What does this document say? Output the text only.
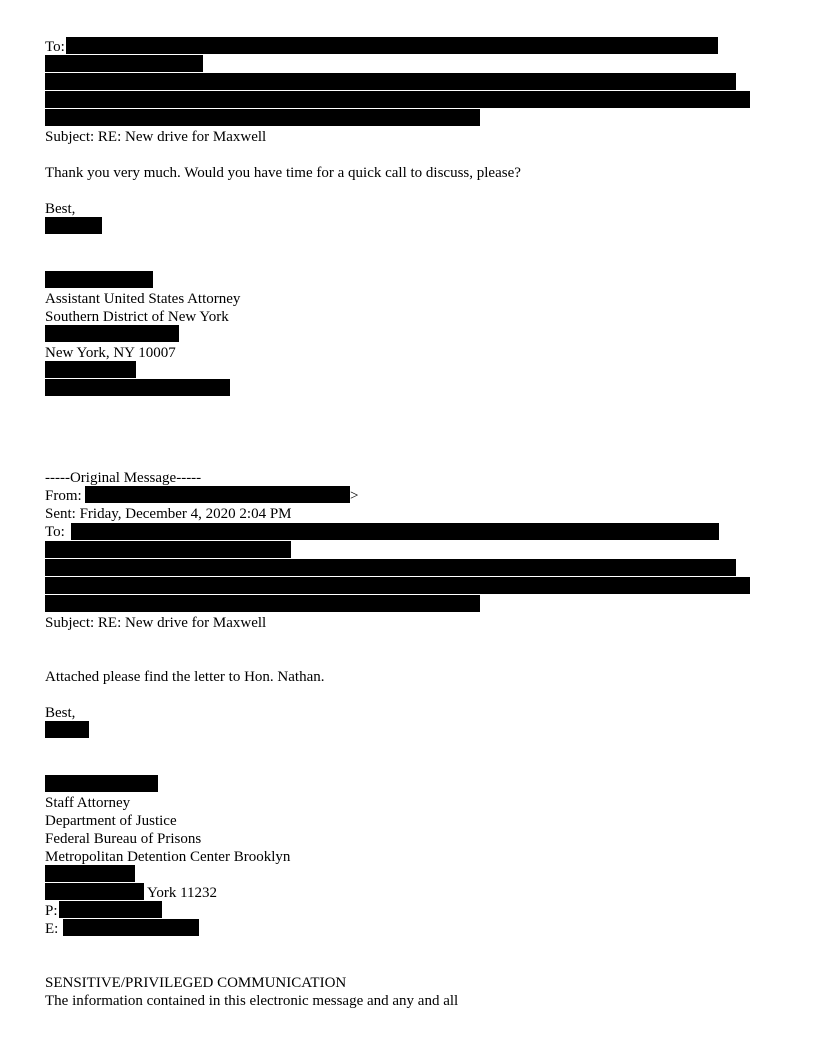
To:
Subject: RE: New drive for Maxwell
Thank you very much. Would you have time for a quick call to discuss, please?
Best,
Assistant United States Attorney
Southern District of New York
New York, NY 10007
-----Original Message-----
From:	>
Sent: Friday, December 4, 2020 2:04 PM
To:
Subject: RE: New drive for Maxwell
Attached please find the letter to Hon. Nathan.
Best,
Staff Attorney
Department of Justice
Federal Bureau of Prisons
Metropolitan Detention Center Brooklyn
York 11232
P:
E:
SENSITIVE/PRIVILEGED COMMUNICATION
The information contained in this electronic message and any and all
